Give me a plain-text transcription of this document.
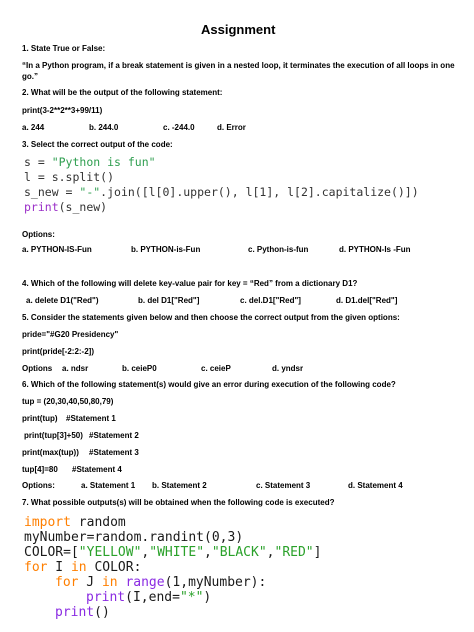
Assignment
1. State True or False:
“In a Python program, if a break statement is given in a nested loop, it terminates the execution of all loops in one
go.”
2. What will be the output of the following statement:
print(3-2**2**3+99/11)
a. 244	b. 244.0	c. -244.0	d. Error
3. Select the correct output of the code:
s = "Python is fun"
l = s.split()
s_new = "-".join([l[0].upper(), l[1], l[2].capitalize()])
print(s_new)
Options:
a. PYTHON-IS-Fun	b. PYTHON-is-Fun	c. Python-is-fun	d. PYTHON-Is -Fun
4. Which of the following will delete key-value pair for key = “Red” from a dictionary D1?
a. delete D1("Red")	b. del D1["Red"]	c. del.D1["Red"]	d. D1.del["Red"]
5. Consider the statements given below and then choose the correct output from the given options:
pride="#G20 Presidency"
print(pride[-2:2:-2])
Options a. ndsr	b. ceieP0	c. ceieP	d. yndsr
6. Which of the following statement(s) would give an error during execution of the following code?
tup = (20,30,40,50,80,79)
print(tup) #Statement 1
print(tup[3]+50) #Statement 2
print(max(tup)) #Statement 3
tup[4]=80 #Statement 4
Options:	a. Statement 1 b. Statement 2	c. Statement 3	d. Statement 4
7. What possible outputs(s) will be obtained when the following code is executed?
import random
myNumber=random.randint(0,3)
COLOR=["YELLOW","WHITE","BLACK","RED"]
for I in COLOR:
for J in range(1,myNumber):
print(I,end="*")
print()
